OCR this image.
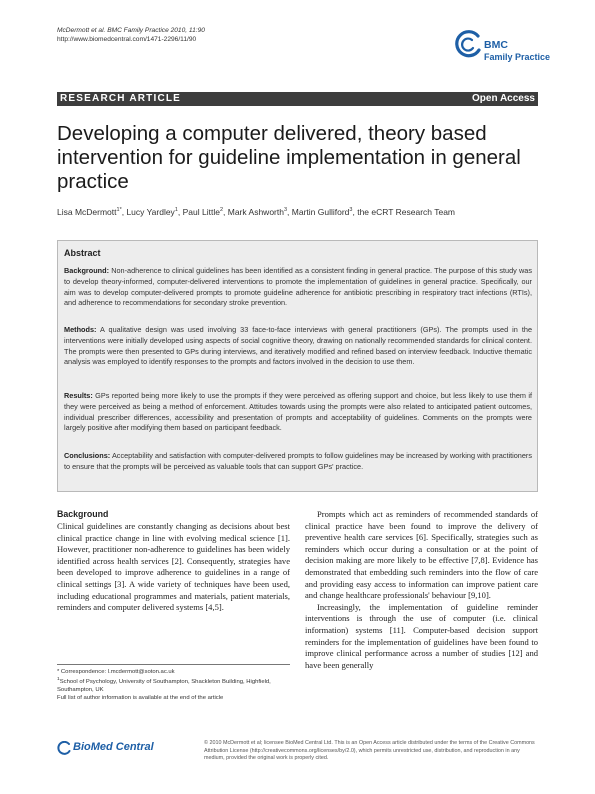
McDermott et al. BMC Family Practice 2010, 11:90
http://www.biomedcentral.com/1471-2296/11/90	BMC
Family Practice
RESEARCH ARTICLE	Open Access
Developing a computer delivered, theory based intervention for guideline implementation in general practice
Lisa McDermott$^{1*}$, Lucy Yardley$^1$, Paul Little$^2$, Mark Ashworth$^3$, Martin Gulliford$^3$, the eCRT Research Team
Abstract
Background: Non-adherence to clinical guidelines has been identified as a consistent finding in general practice. The purpose of this study was to develop theory-informed, computer-delivered interventions to promote the implementation of guidelines in general practice. Specifically, our aim was to develop computer-delivered prompts to promote guideline adherence for antibiotic prescribing in respiratory tract infections (RTIs), and adherence to recommendations for secondary stroke prevention.
Methods: A qualitative design was used involving 33 face-to-face interviews with general practitioners (GPs). The prompts used in the interventions were initially developed using aspects of social cognitive theory, drawing on nationally recommended standards for clinical content. The prompts were then presented to GPs during interviews, and iteratively modified and refined based on interview feedback. Inductive thematic analysis was employed to identify responses to the prompts and factors involved in the decision to use them.
Results: GPs reported being more likely to use the prompts if they were perceived as offering support and choice, but less likely to use them if they were perceived as being a method of enforcement. Attitudes towards using the prompts were also related to anticipated patient outcomes, individual prescriber differences, accessibility and presentation of prompts and acceptability of guidelines. Comments on the prompts were largely positive after modifying them based on participant feedback.
Conclusions: Acceptability and satisfaction with computer-delivered prompts to follow guidelines may be increased by working with practitioners to ensure that the prompts will be perceived as valuable tools that can support GPs' practice.
Background

Clinical guidelines are constantly changing as decisions about best clinical practice change in line with evolving medical science [1]. However, practitioner non-adherence to guidelines has been widely identified across health services [2]. Consequently, strategies have been developed to improve adherence to guidelines in a range of clinical settings [3]. A wide variety of techniques have been used, including educational programmes and materials, patient materials, reminders and computer delivered systems [4,5].

Prompts which act as reminders of recommended standards of clinical practice have been found to improve the delivery of preventive health care services [6]. Specifically, strategies such as reminders which occur during a consultation or at the point of decision making are more likely to be effective [7,8]. Evidence has demonstrated that embedding such reminders into the flow of care and providing easy access to information can improve patient care and change healthcare professionals' behaviour [9,10].

Increasingly, the implementation of guideline reminder interventions is through the use of computer (i.e. clinical information) systems [11]. Computer-based decision support reminders for the implementation of guidelines have been found to improve clinical performance across a number of studies [12] and have been generally

* Correspondence: l.mcdermott@soton.ac.uk
$^1$School of Psychology, University of Southampton, Shackleton Building, Highfield, Southampton, UK
Full list of author information is available at the end of the article
BioMed Central	© 2010 McDermott et al; licensee BioMed Central Ltd. This is an Open Access article distributed under the terms of the Creative Commons Attribution License (http://creativecommons.org/licenses/by/2.0), which permits unrestricted use, distribution, and reproduction in any medium, provided the original work is properly cited.
